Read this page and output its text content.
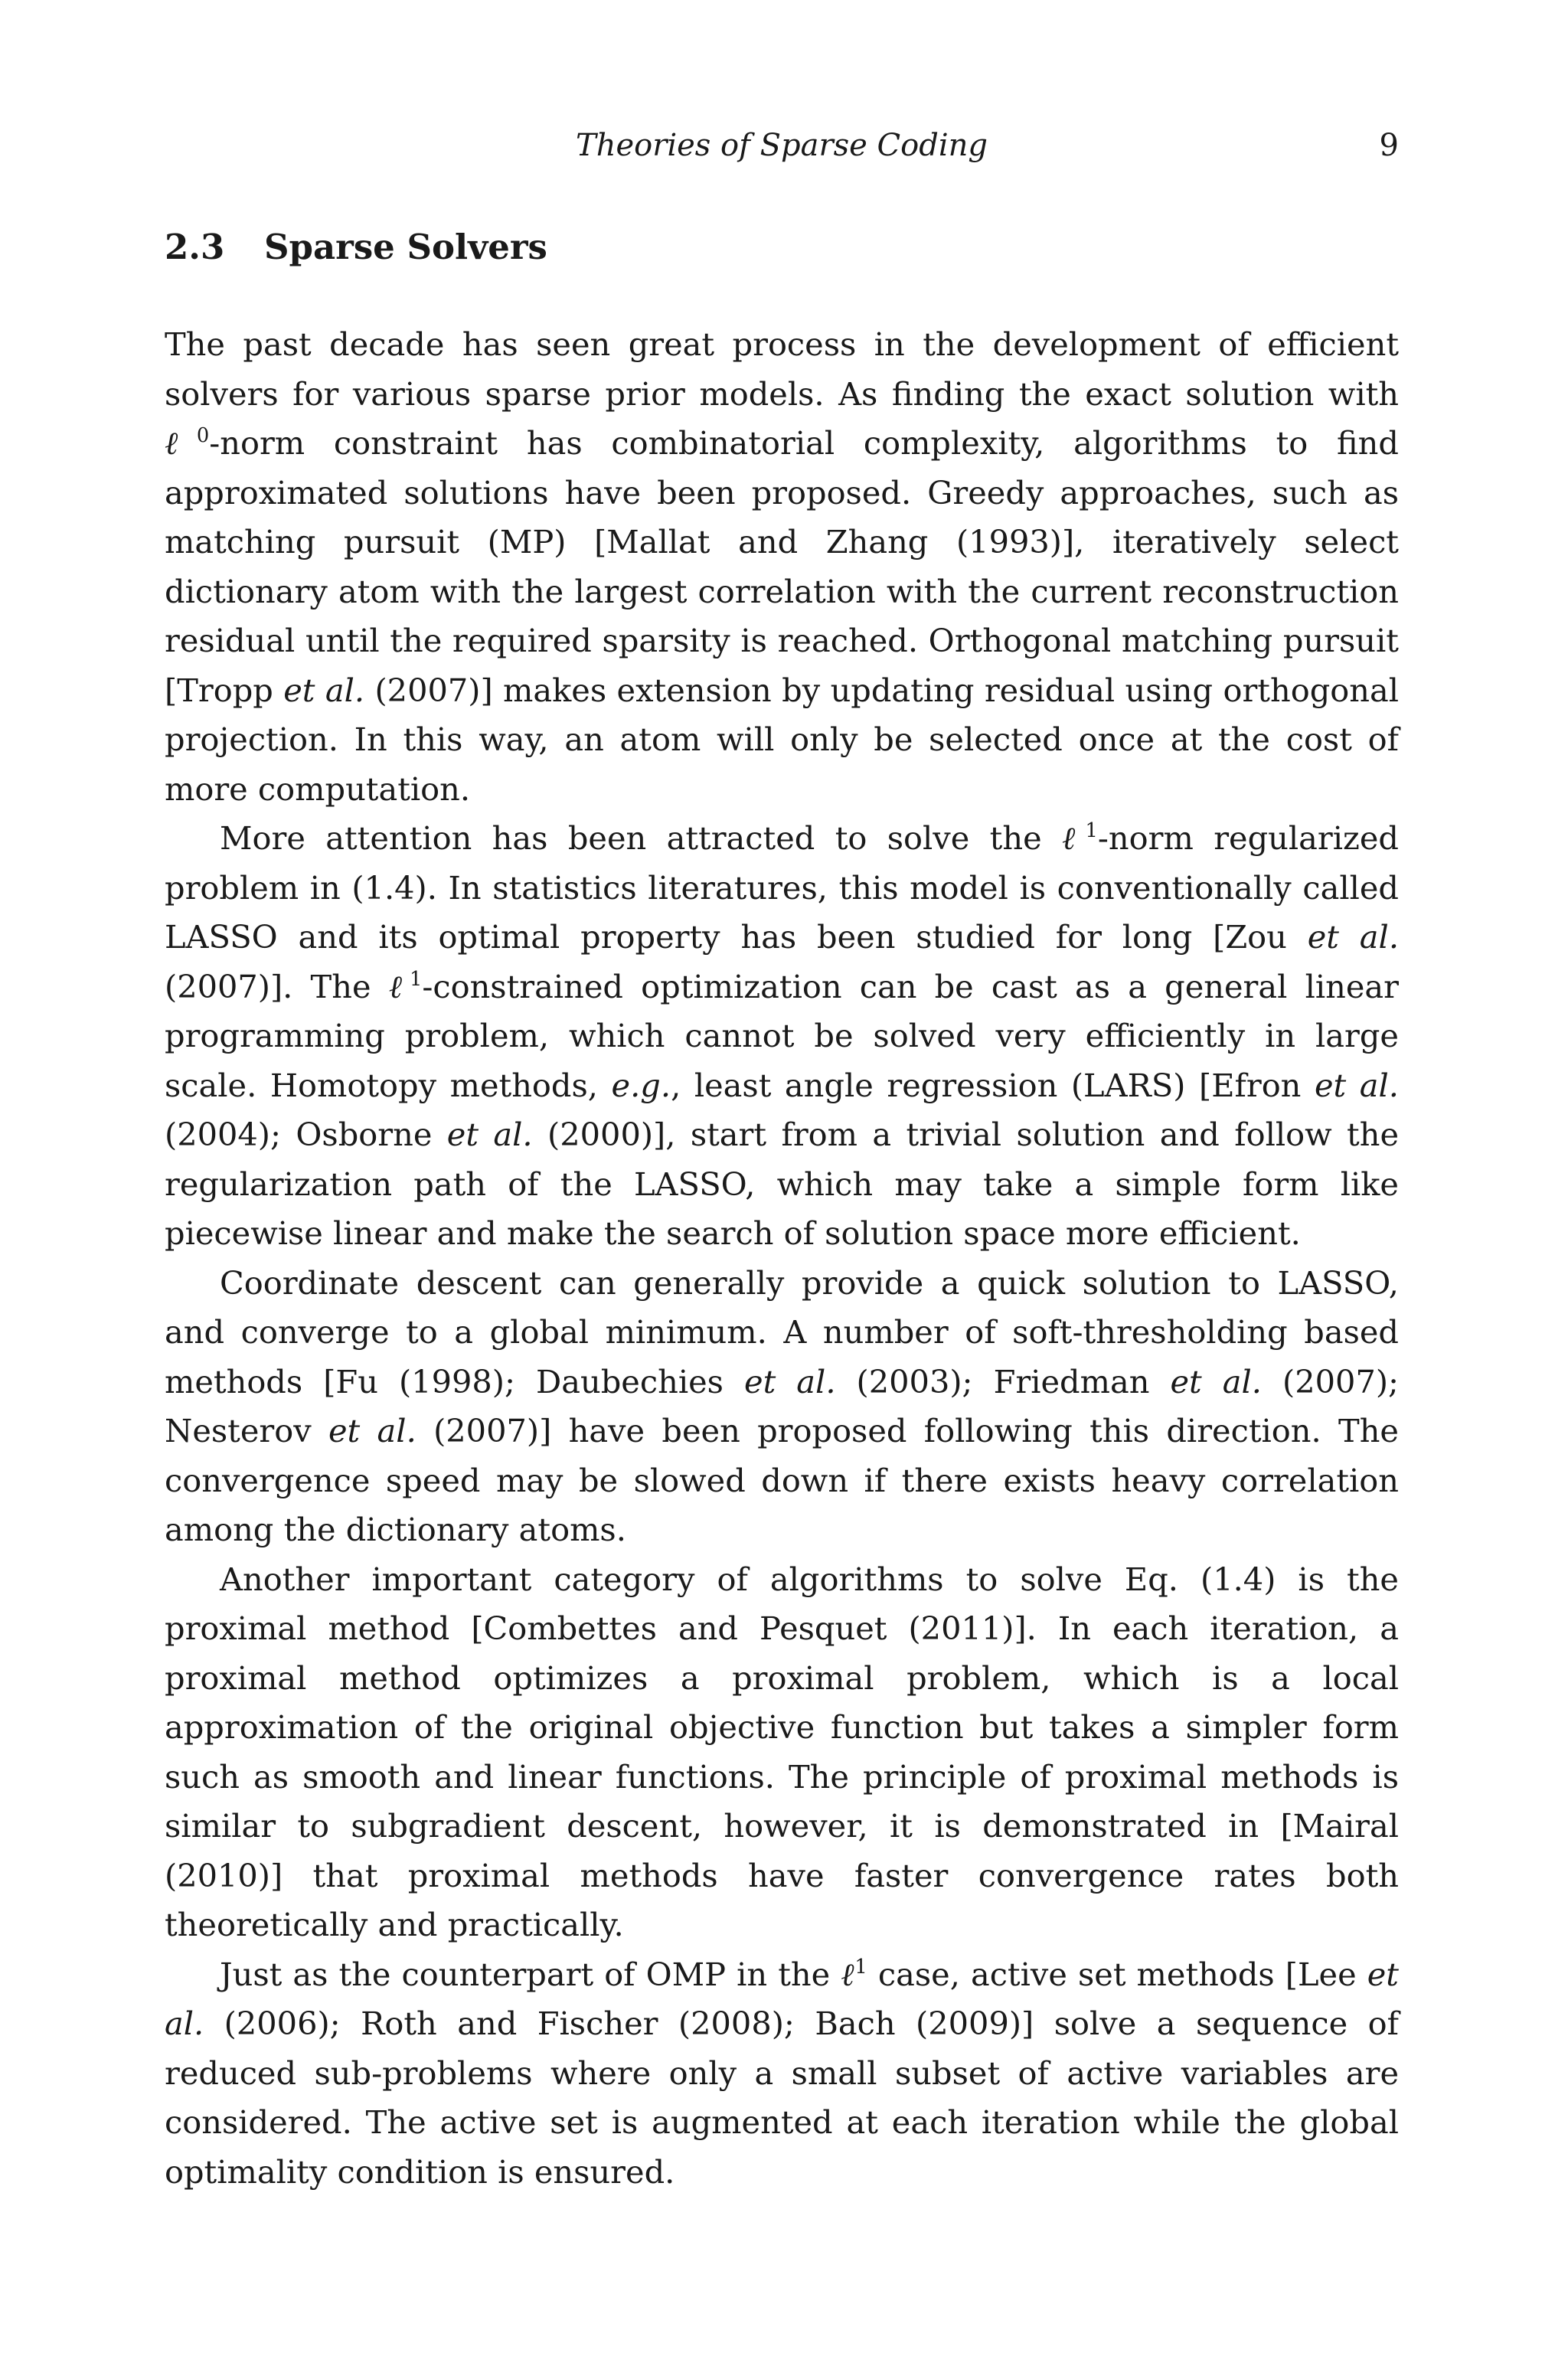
Theories of Sparse Coding	9
2.3 Sparse Solvers

The past decade has seen great process in the development of efficient solvers for various sparse prior models. As finding the exact solution with ℓ$^0$-norm constraint has combinatorial complexity, algorithms to find approximated solutions have been proposed. Greedy approaches, such as matching pursuit (MP) [Mallat and Zhang (1993)], iteratively select dictionary atom with the largest correlation with the current reconstruction residual until the required sparsity is reached. Orthogonal matching pursuit [Tropp et al. (2007)] makes extension by updating residual using orthogonal projection. In this way, an atom will only be selected once at the cost of more computation.

More attention has been attracted to solve the ℓ$^1$-norm regularized problem in (1.4). In statistics literatures, this model is conventionally called LASSO and its optimal property has been studied for long [Zou et al. (2007)]. The ℓ$^1$-constrained optimization can be cast as a general linear programming problem, which cannot be solved very efficiently in large scale. Homotopy methods, e.g., least angle regression (LARS) [Efron et al. (2004); Osborne et al. (2000)], start from a trivial solution and follow the regularization path of the LASSO, which may take a simple form like piecewise linear and make the search of solution space more efficient.

Coordinate descent can generally provide a quick solution to LASSO, and converge to a global minimum. A number of soft-thresholding based methods [Fu (1998); Daubechies et al. (2003); Friedman et al. (2007); Nesterov et al. (2007)] have been proposed following this direction. The convergence speed may be slowed down if there exists heavy correlation among the dictionary atoms.

Another important category of algorithms to solve Eq. (1.4) is the proximal method [Combettes and Pesquet (2011)]. In each iteration, a proximal method optimizes a proximal problem, which is a local approximation of the original objective function but takes a simpler form such as smooth and linear functions. The principle of proximal methods is similar to subgradient descent, however, it is demonstrated in [Mairal (2010)] that proximal methods have faster convergence rates both theoretically and practically.

Just as the counterpart of OMP in the ℓ$^1$ case, active set methods [Lee et al. (2006); Roth and Fischer (2008); Bach (2009)] solve a sequence of reduced sub-problems where only a small subset of active variables are considered. The active set is augmented at each iteration while the global optimality condition is ensured.
